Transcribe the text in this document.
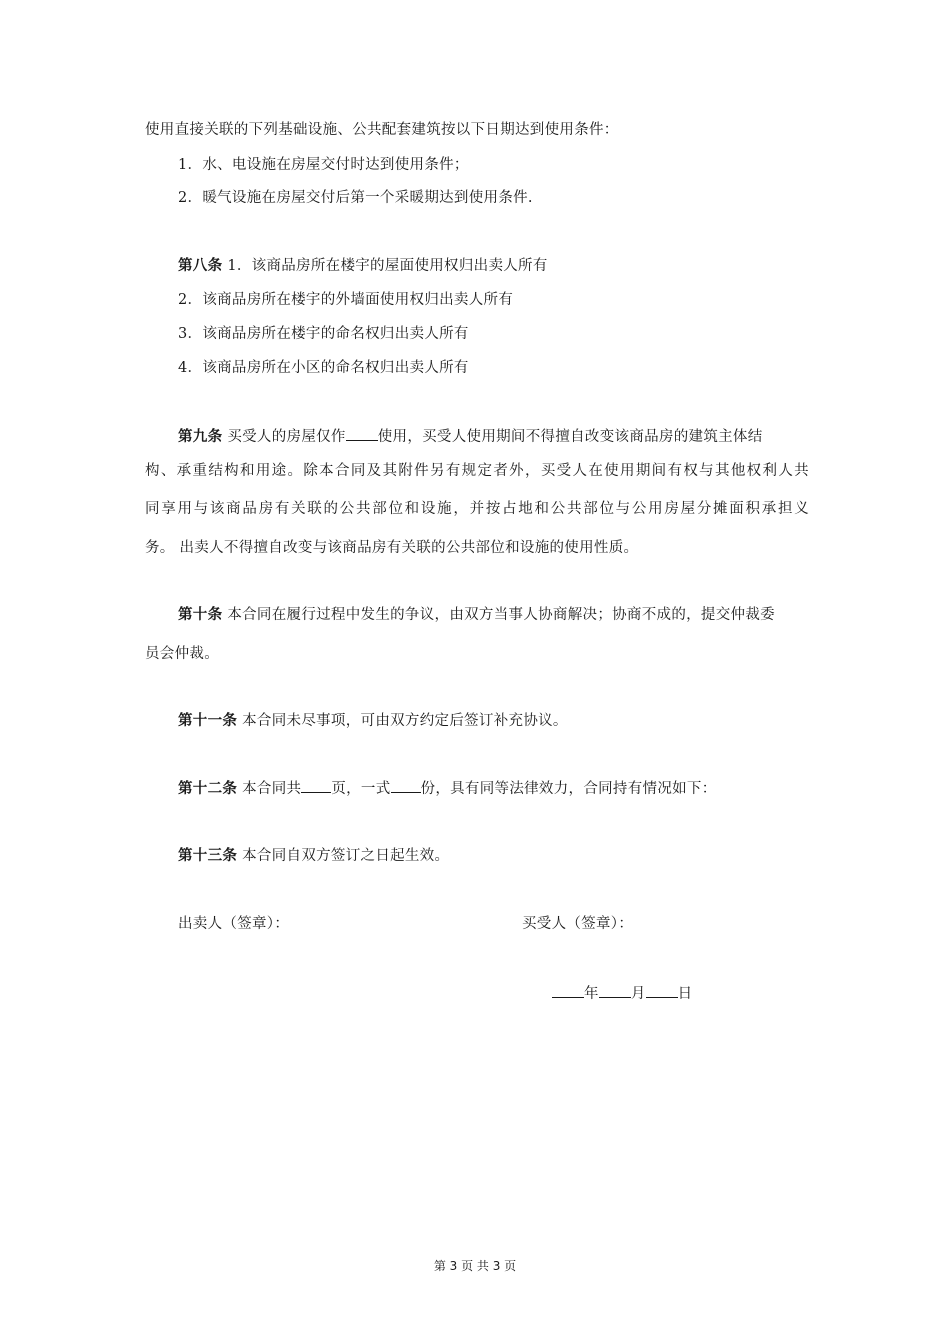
使用直接关联的下列基础设施、公共配套建筑按以下日期达到使用条件：
1．水、电设施在房屋交付时达到使用条件；
2．暖气设施在房屋交付后第一个采暖期达到使用条件.
第八条 1．该商品房所在楼宇的屋面使用权归出卖人所有
2．该商品房所在楼宇的外墙面使用权归出卖人所有
3．该商品房所在楼宇的命名权归出卖人所有
4．该商品房所在小区的命名权归出卖人所有
第九条 买受人的房屋仅作 使用，买受人使用期间不得擅自改变该商品房的建筑主体结
构、承重结构和用途。除本合同及其附件另有规定者外，买受人在使用期间有权与其他权利人共
同享用与该商品房有关联的公共部位和设施，并按占地和公共部位与公用房屋分摊面积承担义
务。 出卖人不得擅自改变与该商品房有关联的公共部位和设施的使用性质。
第十条 本合同在履行过程中发生的争议，由双方当事人协商解决；协商不成的，提交仲裁委
员会仲裁。
第十一条 本合同未尽事项，可由双方约定后签订补充协议。
第十二条 本合同共 页，一式 份，具有同等法律效力，合同持有情况如下：
第十三条 本合同自双方签订之日起生效。
出卖人（签章）：	买受人（签章）：
年 月 日
第 3 页 共 3 页
